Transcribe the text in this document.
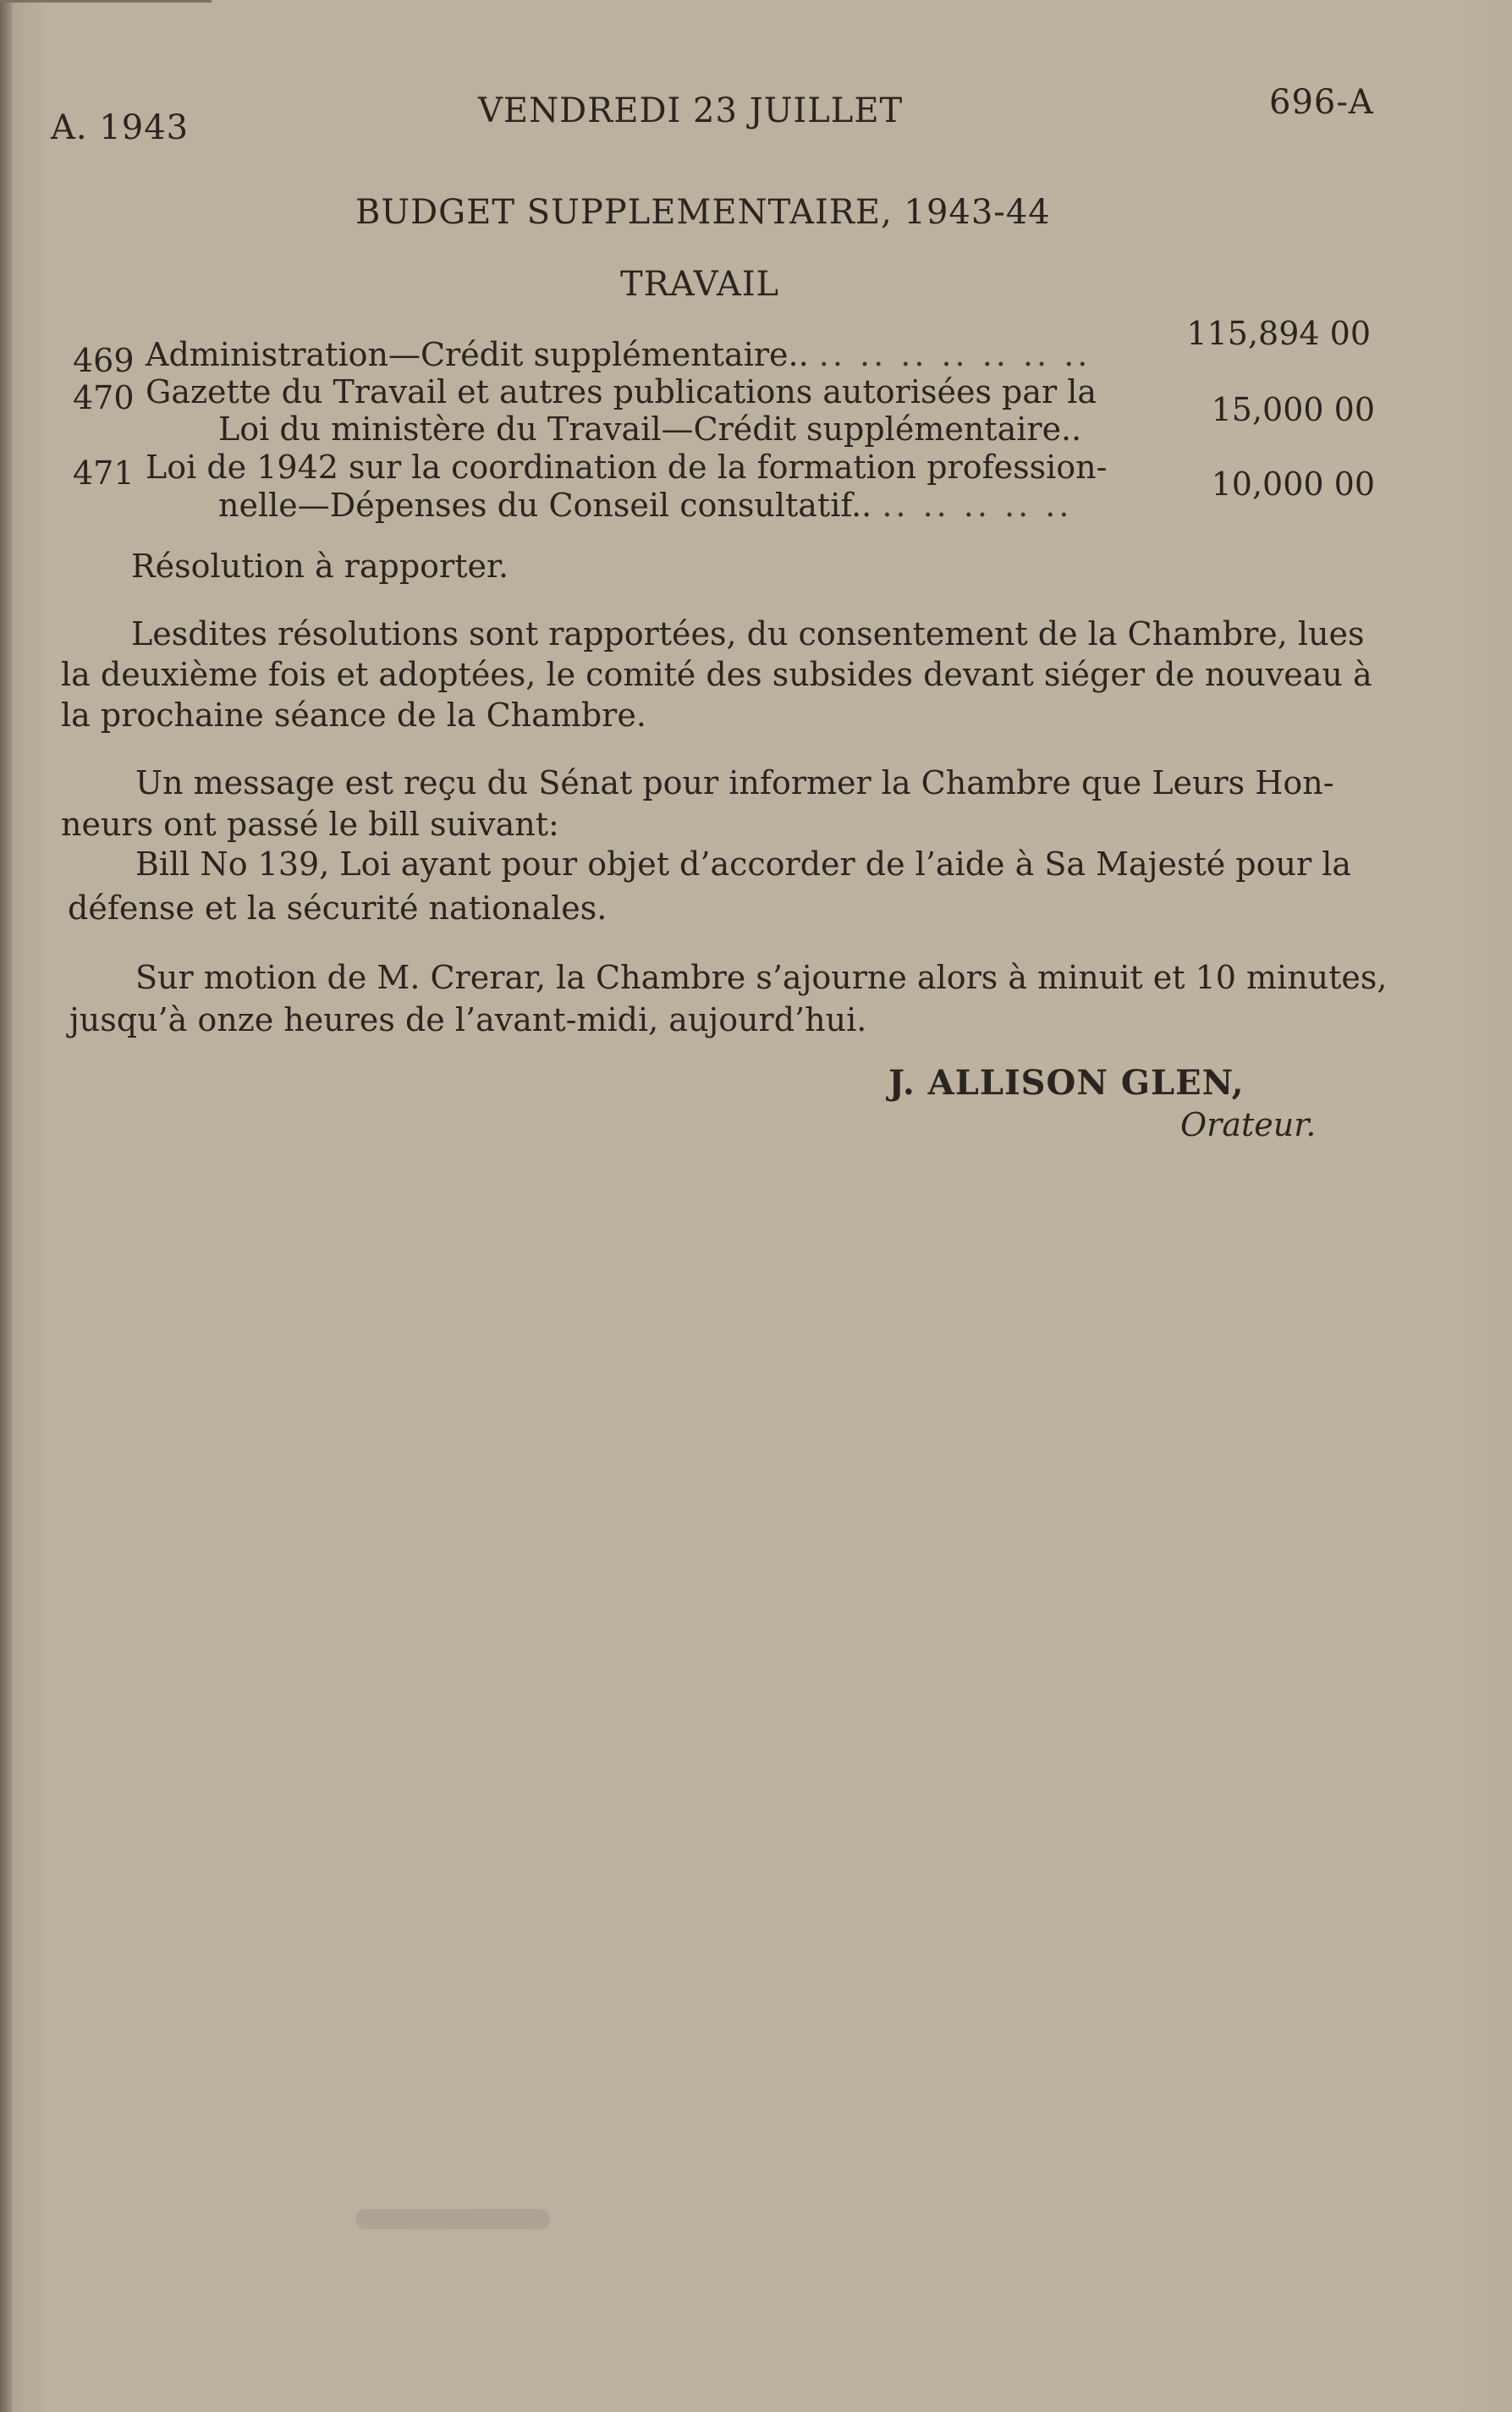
A. 1943	VENDREDI 23 JUILLET	696-A
BUDGET SUPPLEMENTAIRE, 1943-44
TRAVAIL
469 Administration—Crédit supplémentaire.. .. .. .. .. .. .. ..
115,894 00
470 Gazette du Travail et autres publications autorisées par la
Loi du ministère du Travail—Crédit supplémentaire..
15,000 00
471 Loi de 1942 sur la coordination de la formation profession-
nelle—Dépenses du Conseil consultatif.. .. .. .. .. ..
10,000 00
Résolution à rapporter.
Lesdites résolutions sont rapportées, du consentement de la Chambre, lues
la deuxième fois et adoptées, le comité des subsides devant siéger de nouveau à
la prochaine séance de la Chambre.
Un message est reçu du Sénat pour informer la Chambre que Leurs Hon-
neurs ont passé le bill suivant:
Bill No 139, Loi ayant pour objet d’accorder de l’aide à Sa Majesté pour la
défense et la sécurité nationales.
Sur motion de M. Crerar, la Chambre s’ajourne alors à minuit et 10 minutes,
jusqu’à onze heures de l’avant-midi, aujourd’hui.
J. ALLISON GLEN,
Orateur.
